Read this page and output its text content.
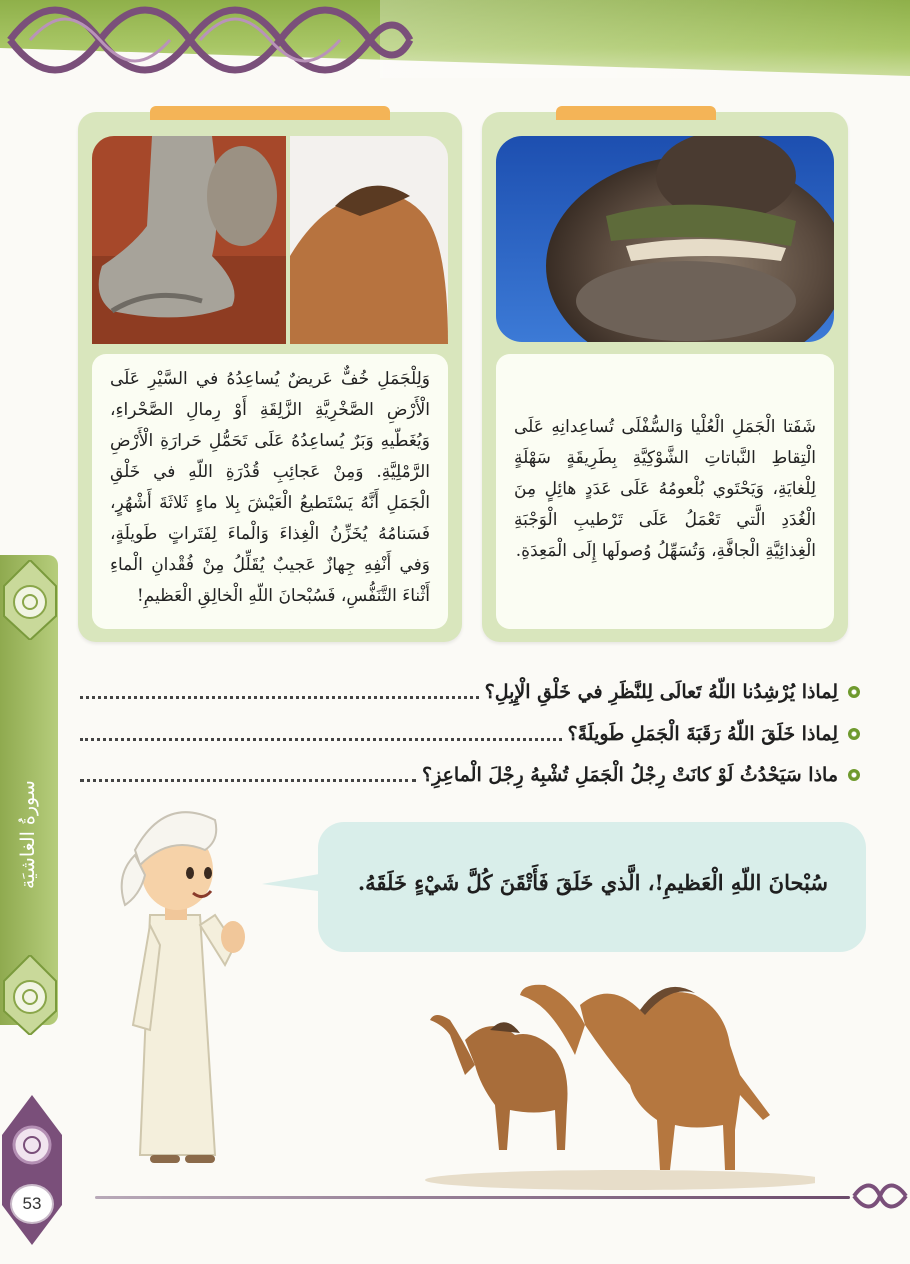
شَفَتا الْجَمَلِ الْعُلْيا وَالسُّفْلَى تُساعِدانِهِ عَلَى الْتِقاطِ النَّباتاتِ الشَّوْكِيَّةِ بِطَرِيقَةٍ سَهْلَةٍ لِلْغايَةِ، وَيَحْتَوي بُلْعومُهُ عَلَى عَدَدٍ هائِلٍ مِنَ الْغُدَدِ الَّتي تَعْمَلُ عَلَى تَرْطيبِ الْوَجْبَةِ الْغِذائِيَّةِ الْجافَّةِ، وَتُسَهِّلُ وُصولَها إِلَى الْمَعِدَةِ.
وَلِلْجَمَلِ خُفٌّ عَريضٌ يُساعِدُهُ في السَّيْرِ عَلَى الْأَرْضِ الصَّخْرِيَّةِ الزَّلِقَةِ أَوْ رِمالِ الصَّحْراءِ، وَيُغَطّيهِ وَبَرٌ يُساعِدُهُ عَلَى تَحَمُّلِ حَرارَةِ الْأَرْضِ الرَّمْلِيَّةِ. وَمِنْ عَجائِبِ قُدْرَةِ اللّهِ في خَلْقِ الْجَمَلِ أَنَّهُ يَسْتَطيعُ الْعَيْشَ بِلا ماءٍ ثَلاثَةَ أَشْهُرٍ، فَسَنامُهُ يُخَزِّنُ الْغِذاءَ وَالْماءَ لِفَتَراتٍ طَويلَةٍ، وَفي أَنْفِهِ جِهازٌ عَجيبٌ يُقَلِّلُ مِنْ فُقْدانِ الْماءِ أَثْناءَ التَّنَفُّسِ، فَسُبْحانَ اللّهِ الْخالِقِ الْعَظيمِ!
سورةُ الغاشيَة
53
لِماذا يُرْشِدُنا اللّهُ تَعالَى لِلنَّظَرِ في خَلْقِ الْإِبِلِ؟
لِماذا خَلَقَ اللّهُ رَقَبَةَ الْجَمَلِ طَويلَةً؟
ماذا سَيَحْدُثُ لَوْ كانَتْ رِجْلُ الْجَمَلِ تُشْبِهُ رِجْلَ الْماعِزِ؟
سُبْحانَ اللّهِ الْعَظيمِ!، الَّذي خَلَقَ فَأَتْقَنَ كُلَّ شَيْءٍ خَلَقَهُ.
